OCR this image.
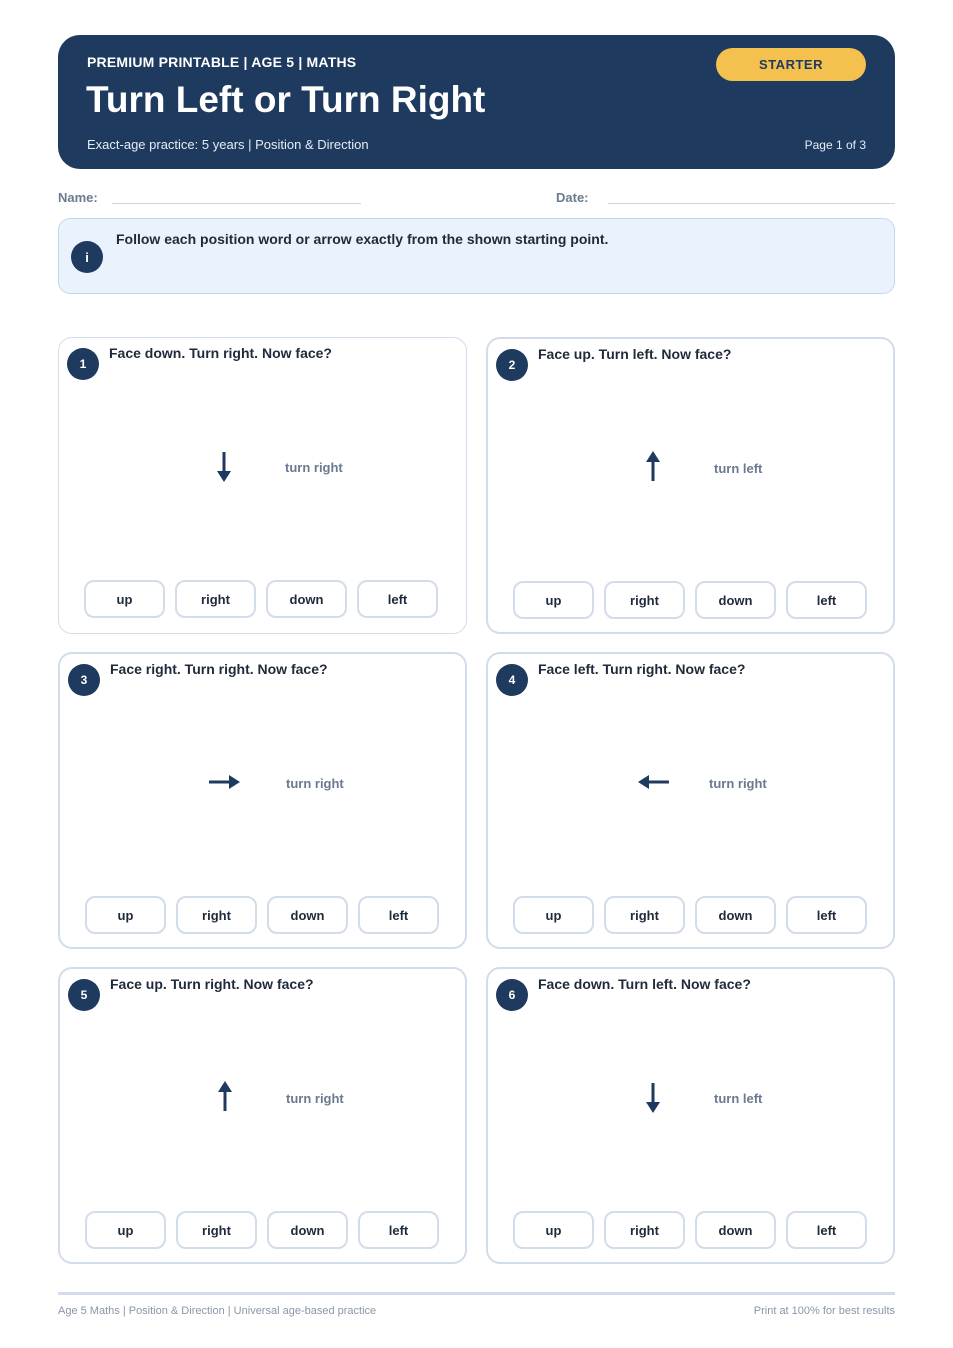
PREMIUM PRINTABLE | AGE 5 | MATHS
Turn Left or Turn Right
Exact-age practice: 5 years | Position & Direction	Page 1 of 3
STARTER
Name:	Date:
i
Follow each position word or arrow exactly from the shown starting point.
1
Face down. Turn right. Now face?
turn right
up	right	down	left
2
Face up. Turn left. Now face?
turn left
up	right	down	left
3
Face right. Turn right. Now face?
turn right
up	right	down	left
4
Face left. Turn right. Now face?
turn right
up	right	down	left
5
Face up. Turn right. Now face?
turn right
up	right	down	left
6
Face down. Turn left. Now face?
turn left
up	right	down	left
Age 5 Maths | Position & Direction | Universal age-based practice	Print at 100% for best results
